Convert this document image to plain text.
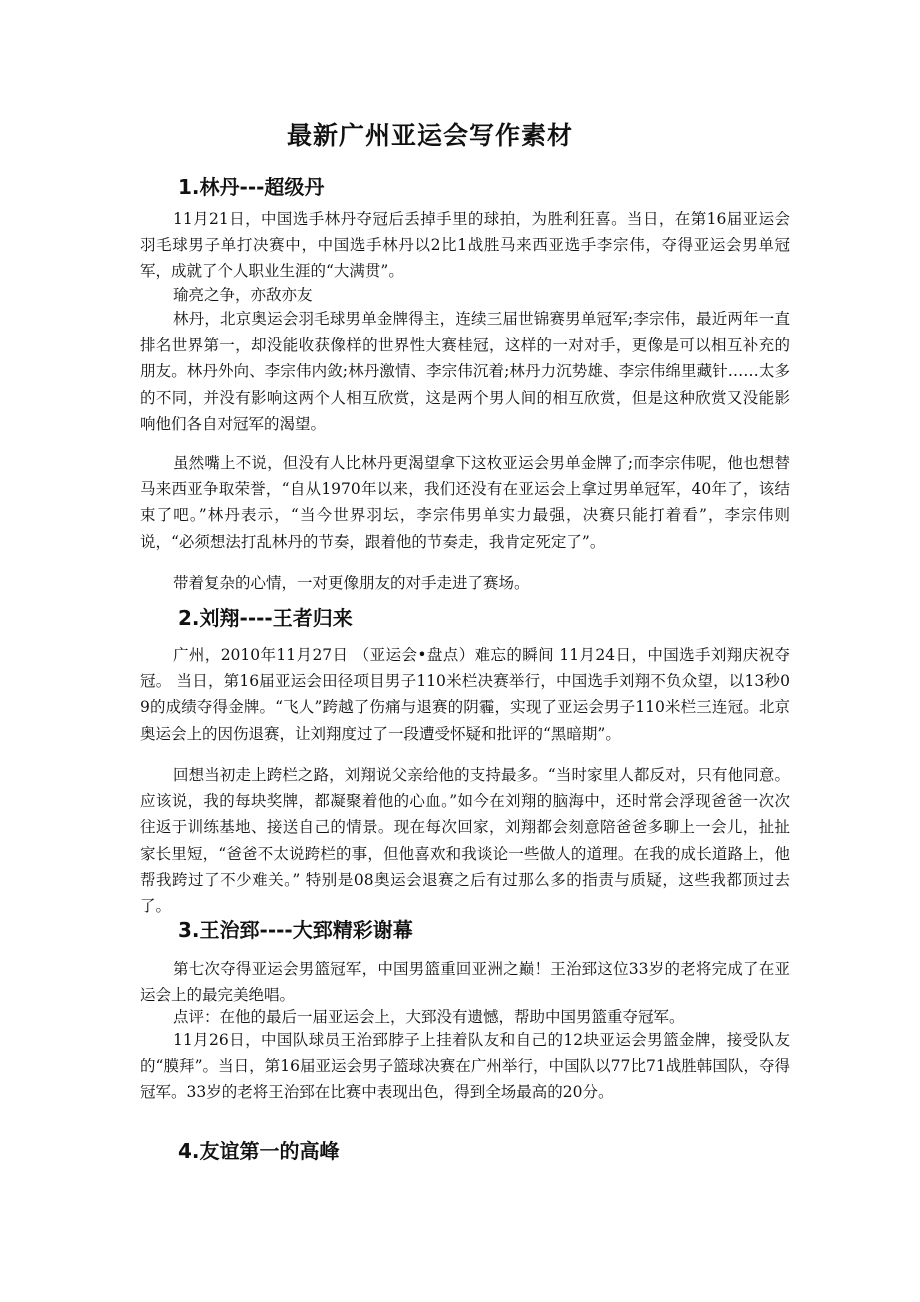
最新广州亚运会写作素材
1.林丹---超级丹

11月21日，中国选手林丹夺冠后丢掉手里的球拍，为胜利狂喜。当日，在第16届亚运会羽毛球男子单打决赛中，中国选手林丹以2比1战胜马来西亚选手李宗伟，夺得亚运会男单冠军，成就了个人职业生涯的“大满贯”。

瑜亮之争，亦敌亦友

林丹，北京奥运会羽毛球男单金牌得主，连续三届世锦赛男单冠军;李宗伟，最近两年一直排名世界第一，却没能收获像样的世界性大赛桂冠，这样的一对对手，更像是可以相互补充的朋友。林丹外向、李宗伟内敛;林丹激情、李宗伟沉着;林丹力沉势雄、李宗伟绵里藏针……太多的不同，并没有影响这两个人相互欣赏，这是两个男人间的相互欣赏，但是这种欣赏又没能影响他们各自对冠军的渴望。

虽然嘴上不说，但没有人比林丹更渴望拿下这枚亚运会男单金牌了;而李宗伟呢，他也想替马来西亚争取荣誉，“自从1970年以来，我们还没有在亚运会上拿过男单冠军，40年了，该结束了吧。”林丹表示，“当今世界羽坛，李宗伟男单实力最强，决赛只能打着看”，李宗伟则说，“必须想法打乱林丹的节奏，跟着他的节奏走，我肯定死定了”。

带着复杂的心情，一对更像朋友的对手走进了赛场。

2.刘翔----王者归来

广州，2010年11月27日 （亚运会•盘点）难忘的瞬间 11月24日，中国选手刘翔庆祝夺冠。 当日，第16届亚运会田径项目男子110米栏决赛举行，中国选手刘翔不负众望，以13秒09的成绩夺得金牌。“飞人”跨越了伤痛与退赛的阴霾，实现了亚运会男子110米栏三连冠。北京奥运会上的因伤退赛，让刘翔度过了一段遭受怀疑和批评的“黑暗期”。

回想当初走上跨栏之路，刘翔说父亲给他的支持最多。“当时家里人都反对，只有他同意。应该说，我的每块奖牌，都凝聚着他的心血。”如今在刘翔的脑海中，还时常会浮现爸爸一次次往返于训练基地、接送自己的情景。现在每次回家，刘翔都会刻意陪爸爸多聊上一会儿，扯扯家长里短，“爸爸不太说跨栏的事，但他喜欢和我谈论一些做人的道理。在我的成长道路上，他帮我跨过了不少难关。” 特别是08奥运会退赛之后有过那么多的指责与质疑，这些我都顶过去了。

3.王治郅----大郅精彩谢幕

第七次夺得亚运会男篮冠军，中国男篮重回亚洲之巅！王治郅这位33岁的老将完成了在亚运会上的最完美绝唱。

点评：在他的最后一届亚运会上，大郅没有遗憾，帮助中国男篮重夺冠军。

11月26日，中国队球员王治郅脖子上挂着队友和自己的12块亚运会男篮金牌，接受队友的“膜拜”。当日，第16届亚运会男子篮球决赛在广州举行，中国队以77比71战胜韩国队，夺得冠军。33岁的老将王治郅在比赛中表现出色，得到全场最高的20分。

4.友谊第一的高峰
